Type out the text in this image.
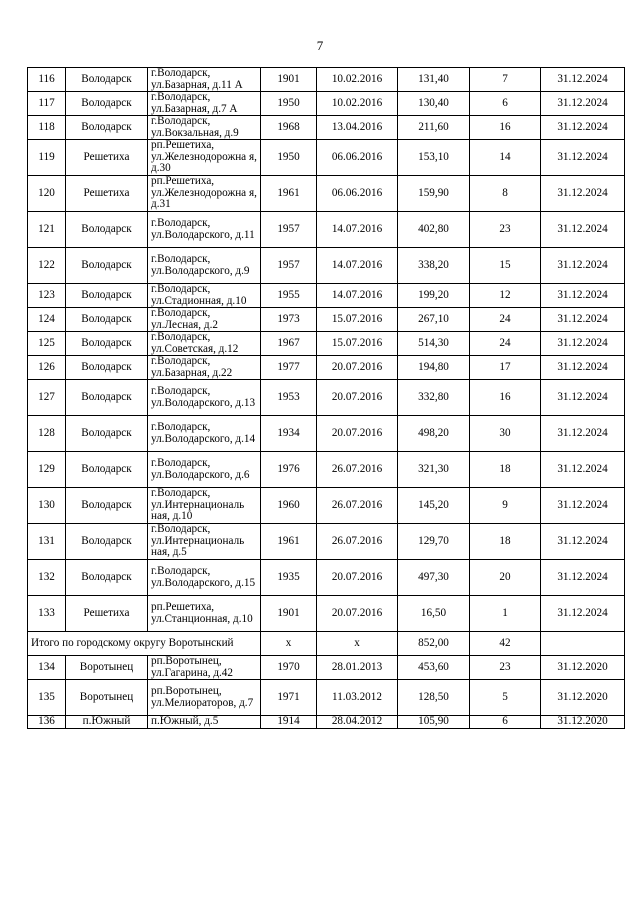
7
116	Володарск	г.Володарск, ул.Базарная, д.11 А	1901	10.02.2016	131,40	7	31.12.2024
117	Володарск	г.Володарск, ул.Базарная, д.7 А	1950	10.02.2016	130,40	6	31.12.2024
118	Володарск	г.Володарск, ул.Вокзальная, д.9	1968	13.04.2016	211,60	16	31.12.2024
119	Решетиха	рп.Решетиха, ул.Железнодорожна я, д.30	1950	06.06.2016	153,10	14	31.12.2024
120	Решетиха	рп.Решетиха, ул.Железнодорожна я, д.31	1961	06.06.2016	159,90	8	31.12.2024
121	Володарск	г.Володарск, ул.Володарского, д.11	1957	14.07.2016	402,80	23	31.12.2024
122	Володарск	г.Володарск, ул.Володарского, д.9	1957	14.07.2016	338,20	15	31.12.2024
123	Володарск	г.Володарск, ул.Стадионная, д.10	1955	14.07.2016	199,20	12	31.12.2024
124	Володарск	г.Володарск, ул.Лесная, д.2	1973	15.07.2016	267,10	24	31.12.2024
125	Володарск	г.Володарск, ул.Советская, д.12	1967	15.07.2016	514,30	24	31.12.2024
126	Володарск	г.Володарск, ул.Базарная, д.22	1977	20.07.2016	194,80	17	31.12.2024
127	Володарск	г.Володарск, ул.Володарского, д.13	1953	20.07.2016	332,80	16	31.12.2024
128	Володарск	г.Володарск, ул.Володарского, д.14	1934	20.07.2016	498,20	30	31.12.2024
129	Володарск	г.Володарск, ул.Володарского, д.6	1976	26.07.2016	321,30	18	31.12.2024
130	Володарск	г.Володарск, ул.Интернациональ ная, д.10	1960	26.07.2016	145,20	9	31.12.2024
131	Володарск	г.Володарск, ул.Интернациональ ная, д.5	1961	26.07.2016	129,70	18	31.12.2024
132	Володарск	г.Володарск, ул.Володарского, д.15	1935	20.07.2016	497,30	20	31.12.2024
133	Решетиха	рп.Решетиха, ул.Станционная, д.10	1901	20.07.2016	16,50	1	31.12.2024
Итого по городскому округу Воротынский			х	х	852,00	42	
134	Воротынец	рп.Воротынец, ул.Гагарина, д.42	1970	28.01.2013	453,60	23	31.12.2020
135	Воротынец	рп.Воротынец, ул.Мелиораторов, д.7	1971	11.03.2012	128,50	5	31.12.2020
136	п.Южный	п.Южный, д.5	1914	28.04.2012	105,90	6	31.12.2020
